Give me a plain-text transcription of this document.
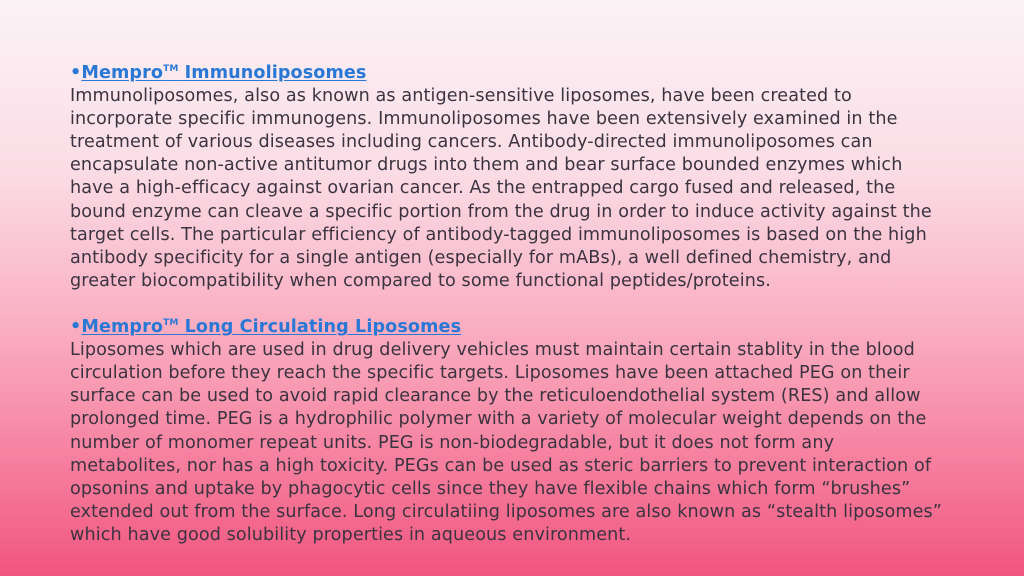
•Mempro™ Immunoliposomes

Immunoliposomes, also as known as antigen-sensitive liposomes, have been created to incorporate specific immunogens. Immunoliposomes have been extensively examined in the treatment of various diseases including cancers. Antibody-directed immunoliposomes can encapsulate non-active antitumor drugs into them and bear surface bounded enzymes which have a high-efficacy against ovarian cancer. As the entrapped cargo fused and released, the bound enzyme can cleave a specific portion from the drug in order to induce activity against the target cells. The particular efficiency of antibody-tagged immunoliposomes is based on the high antibody specificity for a single antigen (especially for mABs), a well defined chemistry, and greater biocompatibility when compared to some functional peptides/proteins.

•Mempro™ Long Circulating Liposomes

Liposomes which are used in drug delivery vehicles must maintain certain stablity in the blood circulation before they reach the specific targets. Liposomes have been attached PEG on their surface can be used to avoid rapid clearance by the reticuloendothelial system (RES) and allow prolonged time. PEG is a hydrophilic polymer with a variety of molecular weight depends on the number of monomer repeat units. PEG is non-biodegradable, but it does not form any metabolites, nor has a high toxicity. PEGs can be used as steric barriers to prevent interaction of opsonins and uptake by phagocytic cells since they have flexible chains which form “brushes” extended out from the surface. Long circulatiing liposomes are also known as “stealth liposomes” which have good solubility properties in aqueous environment.
